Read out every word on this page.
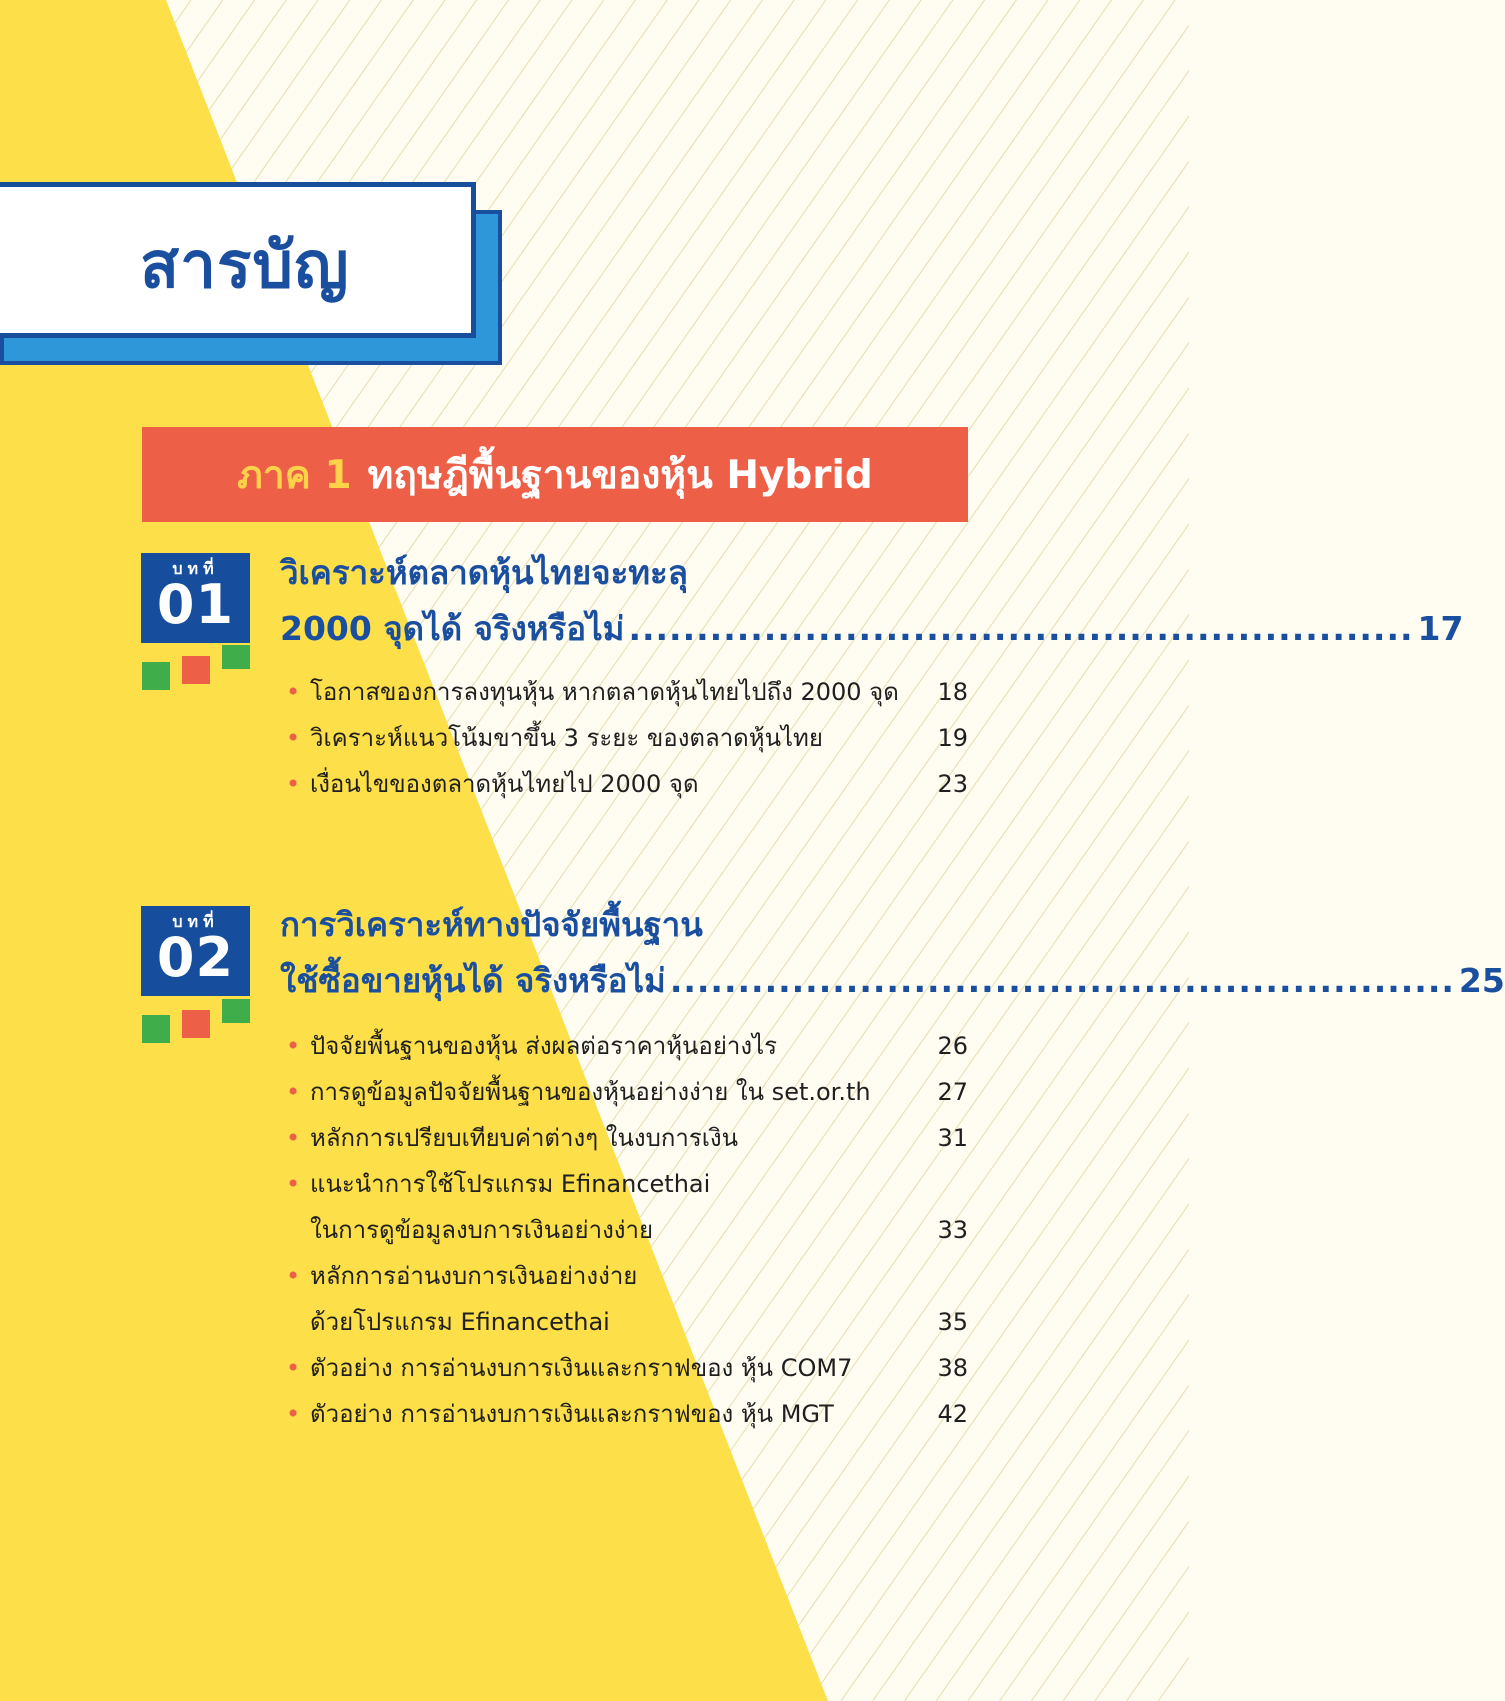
สารบัญ
ภาค 1 ทฤษฎีพื้นฐานของหุ้น Hybrid
บทที่
01
วิเคราะห์ตลาดหุ้นไทยจะทะลุ
2000 จุดได้ จริงหรือไม่ .......................................................... 17
• โอกาสของการลงทุนหุ้น หากตลาดหุ้นไทยไปถึง 2000 จุด	18
• วิเคราะห์แนวโน้มขาขึ้น 3 ระยะ ของตลาดหุ้นไทย	19
• เงื่อนไขของตลาดหุ้นไทยไป 2000 จุด	23
บทที่
02
การวิเคราะห์ทางปัจจัยพื้นฐาน
ใช้ซื้อขายหุ้นได้ จริงหรือไม่ .......................................................... 25
• ปัจจัยพื้นฐานของหุ้น ส่งผลต่อราคาหุ้นอย่างไร	26
• การดูข้อมูลปัจจัยพื้นฐานของหุ้นอย่างง่าย ใน set.or.th	27
• หลักการเปรียบเทียบค่าต่างๆ ในงบการเงิน	31
• แนะนำการใช้โปรแกรม Efinancethai
ในการดูข้อมูลงบการเงินอย่างง่าย	33
• หลักการอ่านงบการเงินอย่างง่าย
ด้วยโปรแกรม Efinancethai	35
• ตัวอย่าง การอ่านงบการเงินและกราฟของ หุ้น COM7	38
• ตัวอย่าง การอ่านงบการเงินและกราฟของ หุ้น MGT	42
